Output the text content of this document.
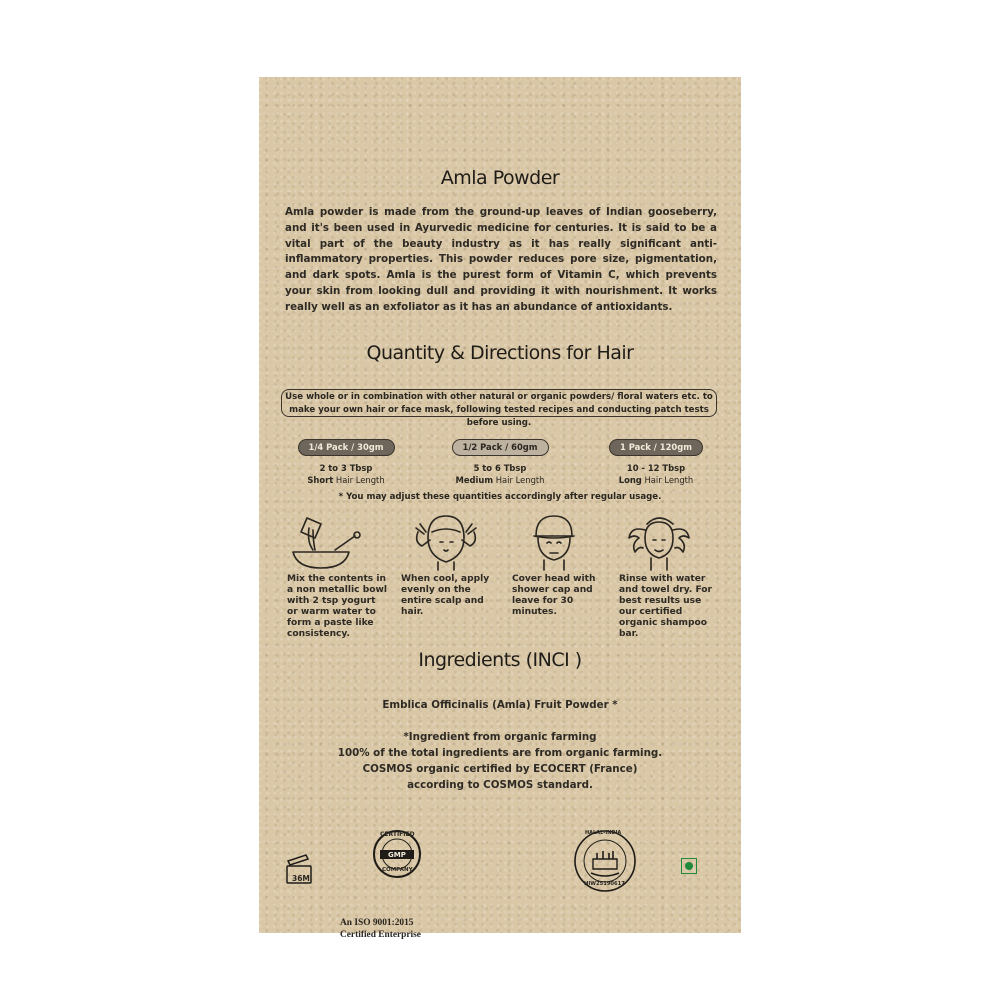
Amla Powder
Amla powder is made from the ground-up leaves of Indian gooseberry, and it's been used in Ayurvedic medicine for centuries. It is said to be a vital part of the beauty industry as it has really significant anti-inflammatory properties. This powder reduces pore size, pigmentation, and dark spots. Amla is the purest form of Vitamin C, which prevents your skin from looking dull and providing it with nourishment. It works really well as an exfoliator as it has an abundance of antioxidants.
Quantity & Directions for Hair
Use whole or in combination with other natural or organic powders/ floral waters etc. to make your own hair or face mask, following tested recipes and conducting patch tests before using.
1/4 Pack / 30gm
2 to 3 Tbsp
Short Hair Length
1/2 Pack / 60gm
5 to 6 Tbsp
Medium Hair Length
1 Pack / 120gm
10 - 12 Tbsp
Long Hair Length
* You may adjust these quantities accordingly after regular usage.
Mix the contents in a non metallic bowl with 2 tsp yogurt or warm water to form a paste like consistency.
When cool, apply evenly on the entire scalp and hair.
Cover head with shower cap and leave for 30 minutes.
Rinse with water and towel dry. For best results use our certified organic shampoo bar.
Ingredients (INCI )
Emblica Officinalis (Amla) Fruit Powder *
*Ingredient from organic farming
100% of the total ingredients are from organic farming.
COSMOS organic certified by ECOCERT (France)
according to COSMOS standard.
36M
CERTIFIED
GMP
COMPANY
An ISO 9001:2015
Certified Enterprise
HALAL-INDIA
HIW25190617
